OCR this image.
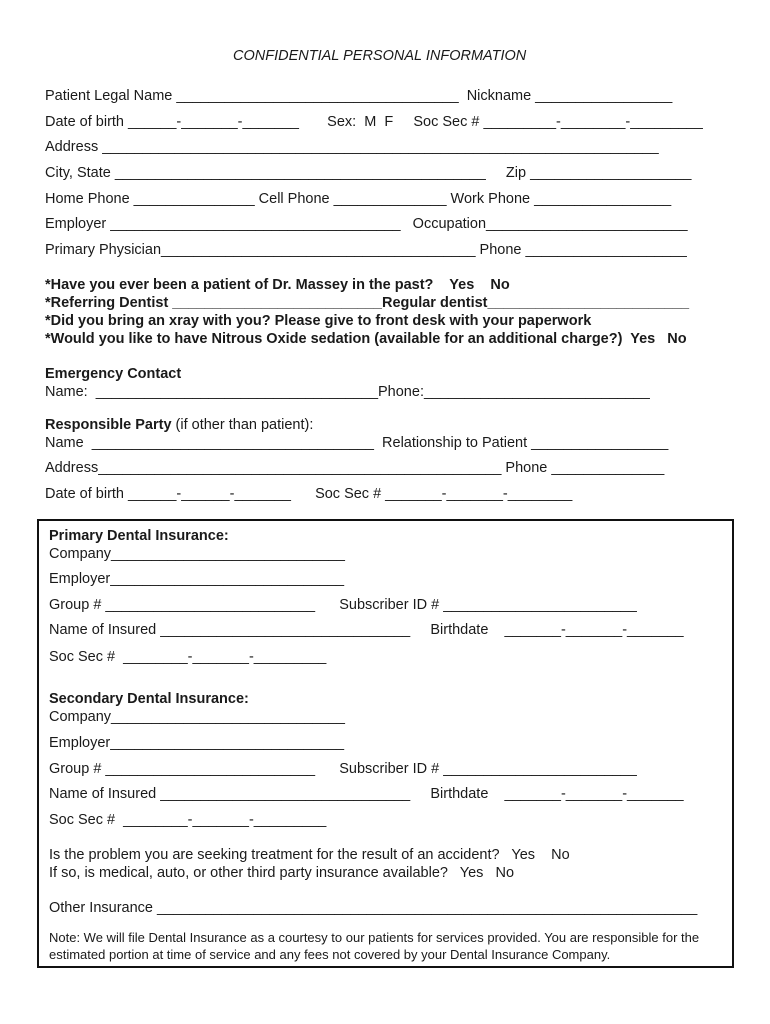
CONFIDENTIAL PERSONAL INFORMATION
Patient Legal Name ___________________________________  Nickname _________________
Date of birth ______-_______-_______       Sex:  M  F     Soc Sec # _________-________-_________
Address _____________________________________________________________________
City, State ______________________________________________     Zip ____________________
Home Phone _______________ Cell Phone ______________ Work Phone _________________
Employer ____________________________________   Occupation_________________________
Primary Physician_______________________________________ Phone ____________________
*Have you ever been a patient of Dr. Massey in the past?    Yes    No
*Referring Dentist __________________________Regular dentist_________________________
*Did you bring an xray with you? Please give to front desk with your paperwork
*Would you like to have Nitrous Oxide sedation (available for an additional charge?)  Yes   No
Emergency Contact
Name:  ___________________________________Phone:____________________________
Responsible Party (if other than patient):
Name  ___________________________________  Relationship to Patient _________________
Address__________________________________________________ Phone ______________
Date of birth ______-______-_______      Soc Sec # _______-_______-________
Primary Dental Insurance:
Company_____________________________
Employer_____________________________
Group # __________________________      Subscriber ID # ________________________
Name of Insured _______________________________     Birthdate    _______-_______-_______
Soc Sec #  ________-_______-_________
Secondary Dental Insurance:
Company_____________________________
Employer_____________________________
Group # __________________________      Subscriber ID # ________________________
Name of Insured _______________________________     Birthdate    _______-_______-_______
Soc Sec #  ________-_______-_________
Is the problem you are seeking treatment for the result of an accident?   Yes    No
If so, is medical, auto, or other third party insurance available?   Yes   No
Other Insurance ___________________________________________________________________
Note: We will file Dental Insurance as a courtesy to our patients for services provided. You are responsible for the estimated portion at time of service and any fees not covered by your Dental Insurance Company.
